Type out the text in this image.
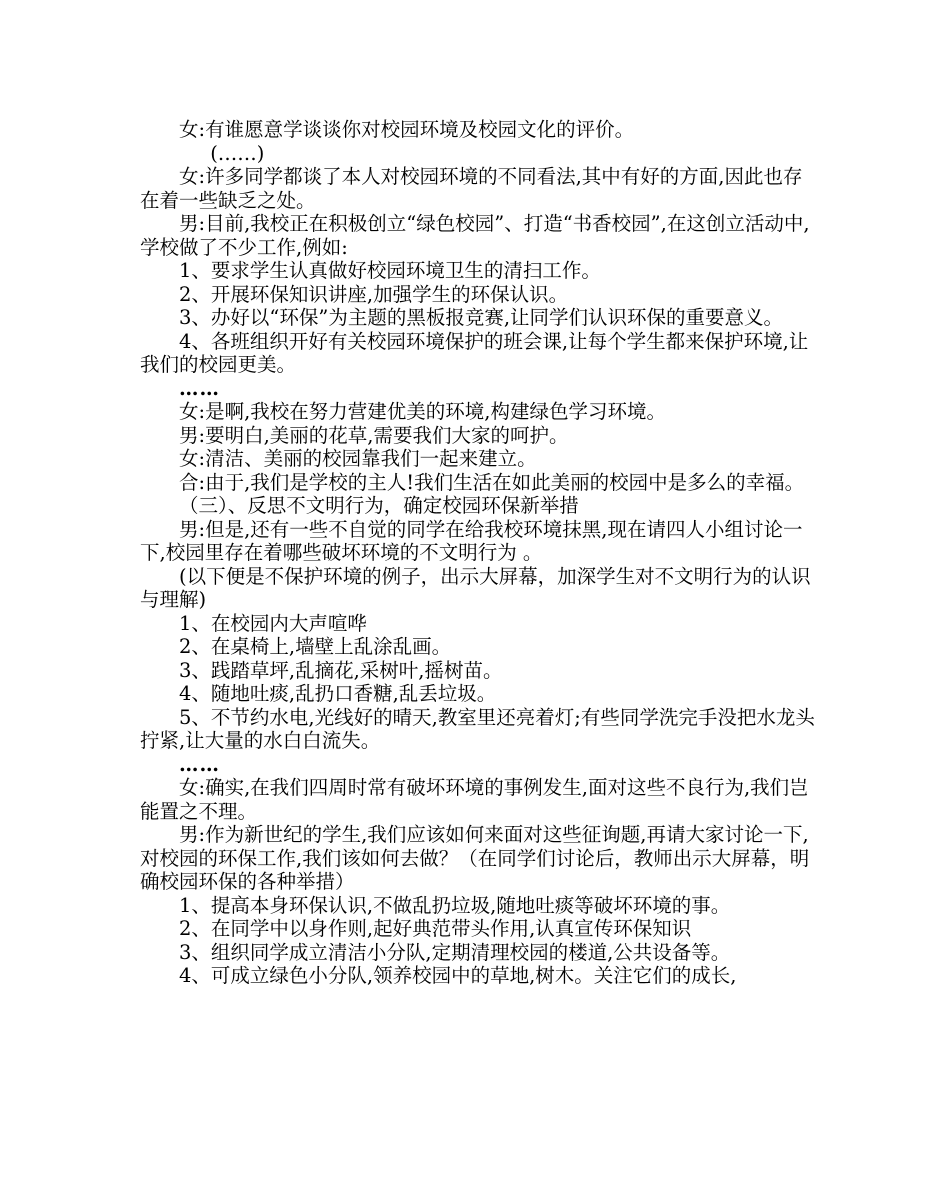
女:有谁愿意学谈谈你对校园环境及校园文化的评价。
(……)
女:许多同学都谈了本人对校园环境的不同看法,其中有好的方面,因此也存在着一些缺乏之处。
男:目前,我校正在积极创立“绿色校园”、打造“书香校园”,在这创立活动中,学校做了不少工作,例如:
1、要求学生认真做好校园环境卫生的清扫工作。
2、开展环保知识讲座,加强学生的环保认识。
3、办好以“环保”为主题的黑板报竞赛,让同学们认识环保的重要意义。
4、各班组织开好有关校园环境保护的班会课,让每个学生都来保护环境,让我们的校园更美。
……
女:是啊,我校在努力营建优美的环境,构建绿色学习环境。
男:要明白,美丽的花草,需要我们大家的呵护。
女:清洁、美丽的校园靠我们一起来建立。
合:由于,我们是学校的主人!我们生活在如此美丽的校园中是多么的幸福。
（三）、反思不文明行为，确定校园环保新举措
男:但是,还有一些不自觉的同学在给我校环境抹黑,现在请四人小组讨论一下,校园里存在着哪些破坏环境的不文明行为 。
(以下便是不保护环境的例子，出示大屏幕，加深学生对不文明行为的认识与理解)
1、在校园内大声喧哗
2、在桌椅上,墙壁上乱涂乱画。
3、践踏草坪,乱摘花,采树叶,摇树苗。
4、随地吐痰,乱扔口香糖,乱丢垃圾。
5、不节约水电,光线好的晴天,教室里还亮着灯;有些同学洗完手没把水龙头拧紧,让大量的水白白流失。
……
女:确实,在我们四周时常有破坏环境的事例发生,面对这些不良行为,我们岂能置之不理。
男:作为新世纪的学生,我们应该如何来面对这些征询题,再请大家讨论一下,对校园的环保工作,我们该如何去做？（在同学们讨论后，教师出示大屏幕，明确校园环保的各种举措）
1、提高本身环保认识,不做乱扔垃圾,随地吐痰等破坏环境的事。
2、在同学中以身作则,起好典范带头作用,认真宣传环保知识
3、组织同学成立清洁小分队,定期清理校园的楼道,公共设备等。
4、可成立绿色小分队,领养校园中的草地,树木。关注它们的成长,
